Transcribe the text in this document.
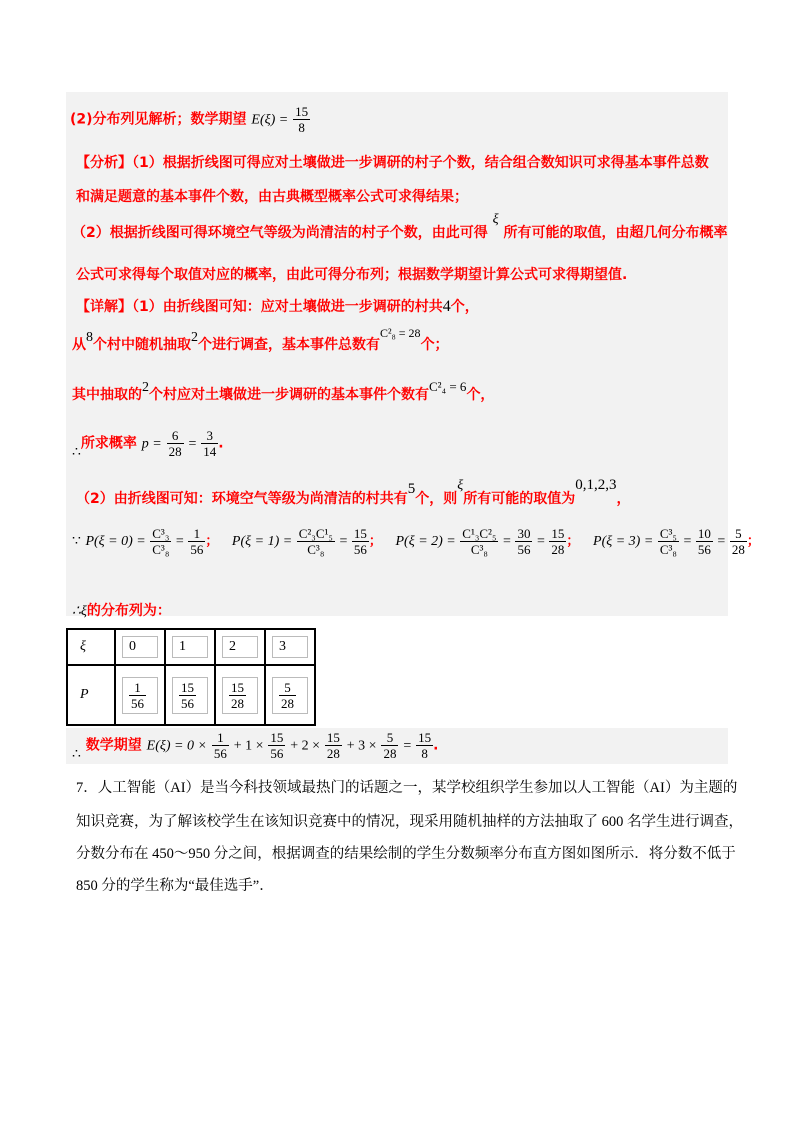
(2)分布列见解析；数学期望 $E(\xi) = \frac{15}{8}$
【分析】（1）根据折线图可得应对土壤做进一步调研的村子个数，结合组合数知识可求得基本事件总数
和满足题意的基本事件个数，由古典概型概率公式可求得结果；
（2）根据折线图可得环境空气等级为尚清洁的村子个数，由此可得 ξ 所有可能的取值，由超几何分布概率
公式可求得每个取值对应的概率，由此可得分布列；根据数学期望计算公式可求得期望值.
【详解】（1）由折线图可知：应对土壤做进一步调研的村共4个，
从8个村中随机抽取2个进行调查，基本事件总数有C²₈ = 28个；
其中抽取的2个村应对土壤做进一步调研的基本事件个数有C²₄ = 6个，
∴所求概率 $p = \frac{6}{28} = \frac{3}{14}$ .
（2）由折线图可知：环境空气等级为尚清洁的村共有5个，则ξ所有可能的取值为0,1,2,3，
∵ $P(\xi = 0) = \frac{\text{C³₃}}{\text{C³₈}} = \frac{1}{56}$ ； $P(\xi = 1) = \frac{\text{C²₃C¹₅}}{\text{C³₈}} = \frac{15}{56}$ ； $P(\xi = 2) = \frac{\text{C¹₃C²₅}}{\text{C³₈}} = \frac{30}{56} = \frac{15}{28}$ ； $P(\xi = 3) = \frac{\text{C³₅}}{\text{C³₈}} = \frac{10}{56} = \frac{5}{28}$ ；
∴ξ的分布列为：
ξ	0	1	2	3

P	$\frac{1}{56}$	$\frac{15}{56}$	$\frac{15}{28}$	$\frac{5}{28}$
∴ 数学期望 $E(\xi) = 0 \times \frac{1}{56} + 1 \times \frac{15}{56} + 2 \times \frac{15}{28} + 3 \times \frac{5}{28} = \frac{15}{8}$ .
7．人工智能（AI）是当今科技领域最热门的话题之一，某学校组织学生参加以人工智能（AI）为主题的
知识竞赛，为了解该校学生在该知识竞赛中的情况，现采用随机抽样的方法抽取了 600 名学生进行调查，
分数分布在 450～950 分之间，根据调查的结果绘制的学生分数频率分布直方图如图所示．将分数不低于
850 分的学生称为“最佳选手”．
